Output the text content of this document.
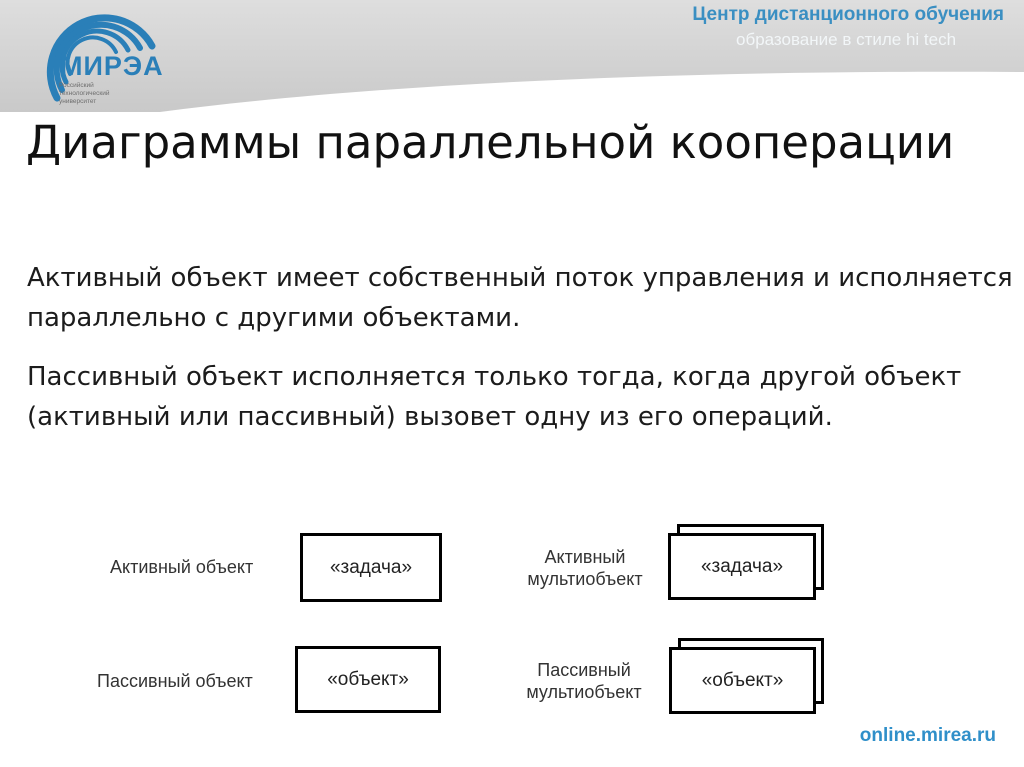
МИРЭА
Российский технологический университет
Центр дистанционного обучения
образование в стиле hi tech
Диаграммы параллельной кооперации
Активный объект имеет собственный поток управления и исполняется параллельно с другими объектами.
Пассивный объект исполняется только тогда, когда другой объект (активный или пассивный) вызовет одну из его операций.
Активный объект	«задача»
Пассивный объект	«объект»
Активный
мультиобъект
«задача»
Пассивный
мультиобъект
«объект»
online.mirea.ru
